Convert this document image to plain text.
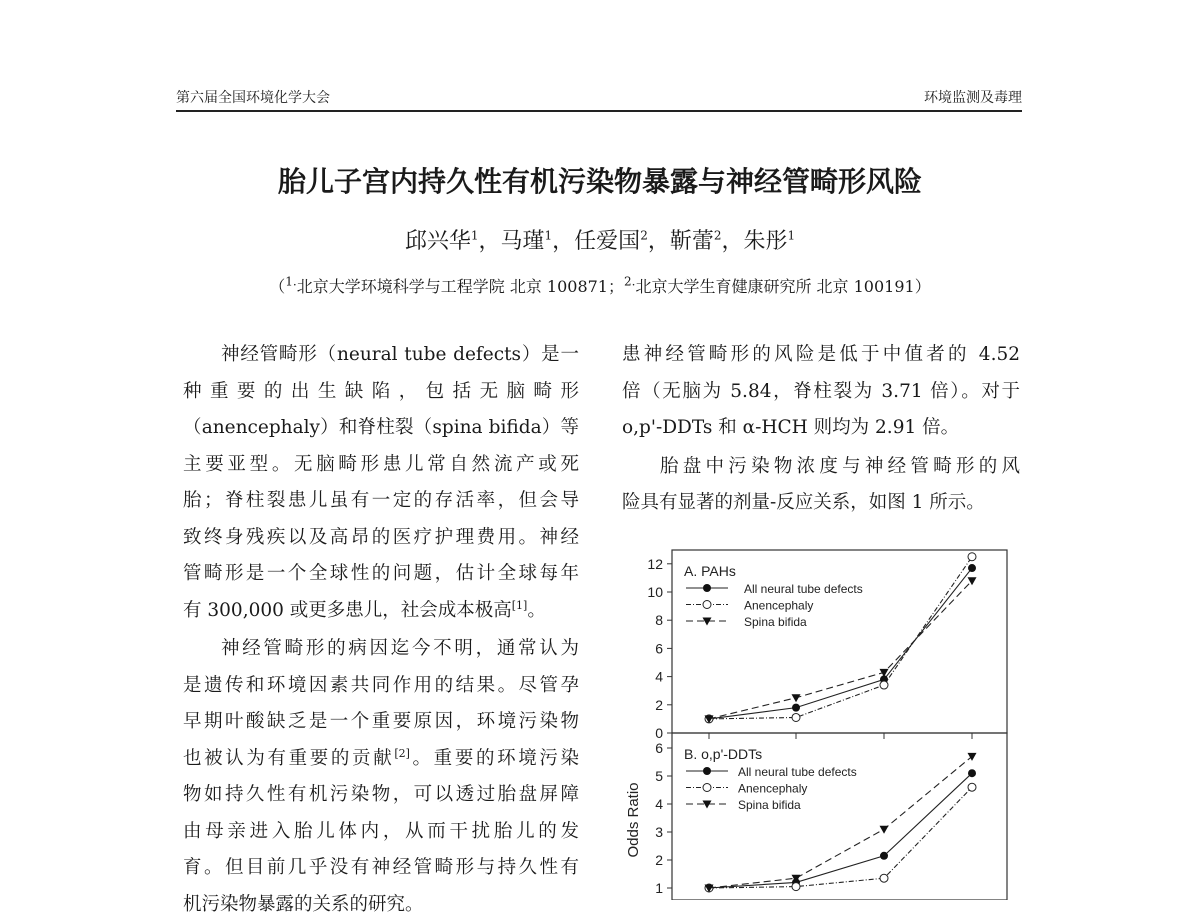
第六届全国环境化学大会	环境监测及毒理
胎儿子宫内持久性有机污染物暴露与神经管畸形风险
邱兴华$^1$，马瑾$^1$，任爱国$^2$，靳蕾$^2$，朱彤$^1$
（$^{1.}$北京大学环境科学与工程学院 北京 100871；$^{2.}$北京大学生育健康研究所 北京 100191）
神经管畸形（neural tube defects）是一
种重要的出生缺陷，包括无脑畸形
（anencephaly）和脊柱裂（spina bifida）等
主要亚型。无脑畸形患儿常自然流产或死
胎；脊柱裂患儿虽有一定的存活率，但会导
致终身残疾以及高昂的医疗护理费用。神经
管畸形是一个全球性的问题，估计全球每年
有 300,000 或更多患儿，社会成本极高[1]。
神经管畸形的病因迄今不明，通常认为
是遗传和环境因素共同作用的结果。尽管孕
早期叶酸缺乏是一个重要原因，环境污染物
也被认为有重要的贡献[2]。重要的环境污染
物如持久性有机污染物，可以透过胎盘屏障
由母亲进入胎儿体内，从而干扰胎儿的发
育。但目前几乎没有神经管畸形与持久性有
机污染物暴露的关系的研究。
患神经管畸形的风险是低于中值者的 4.52
倍（无脑为 5.84，脊柱裂为 3.71 倍）。对于
o,p'-DDTs 和 α-HCH 则均为 2.91 倍。
胎盘中污染物浓度与神经管畸形的风
险具有显著的剂量-反应关系，如图 1 所示。
0
2
4
6
8
10
12 A. PAHs
All neural tube defects
Anencephaly
Spina bifida
1
2
3
4
5
6 B. o,p'-DDTs
All neural tube defects
Anencephaly
Spina bifida
Odds Ratio
